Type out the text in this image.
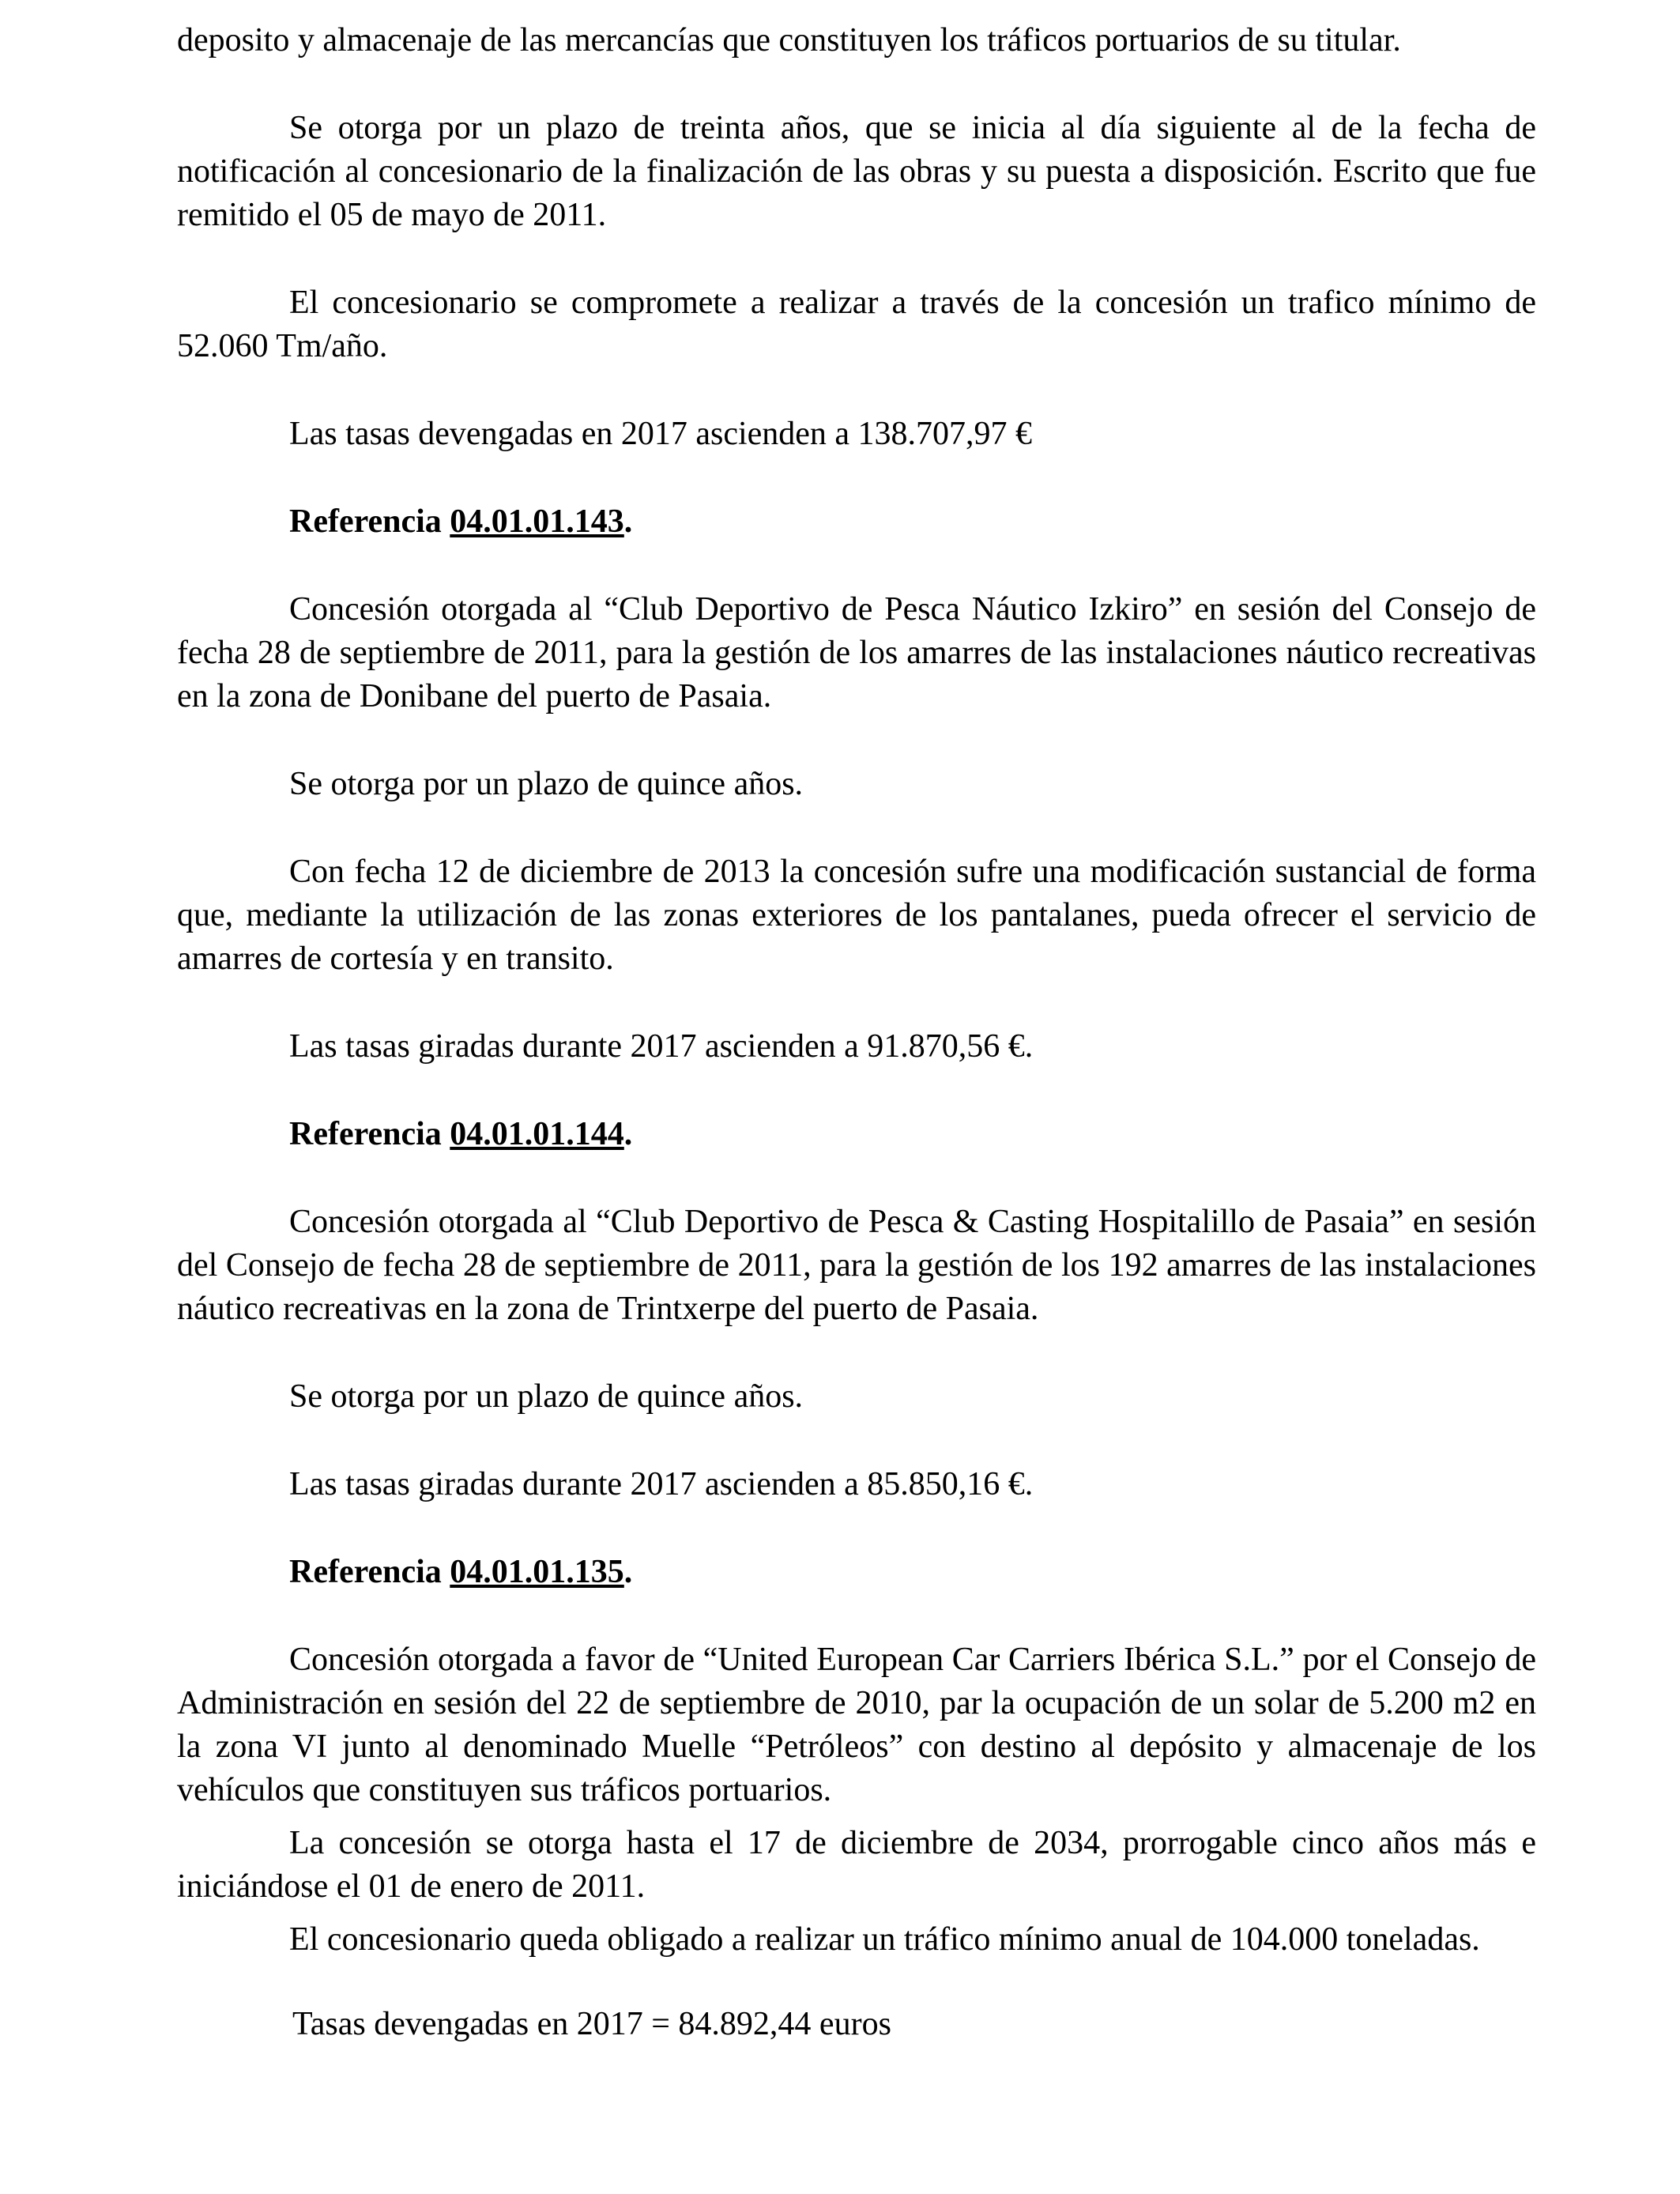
deposito y almacenaje de las mercancías que constituyen los tráficos portuarios de su titular.

Se otorga por un plazo de treinta años, que se inicia al día siguiente al de la fecha de notificación al concesionario de la finalización de las obras y su puesta a disposición. Escrito que fue remitido el 05 de mayo de 2011.

El concesionario se compromete a realizar a través de la concesión un trafico mínimo de 52.060 Tm/año.

Las tasas devengadas en 2017 ascienden a 138.707,97 €

Referencia 04.01.01.143.

Concesión otorgada al “Club Deportivo de Pesca Náutico Izkiro” en sesión del Consejo de fecha 28 de septiembre de 2011, para la gestión de los amarres de las instalaciones náutico recreativas en la zona de Donibane del puerto de Pasaia.

Se otorga por un plazo de quince años.

Con fecha 12 de diciembre de 2013 la concesión sufre una modificación sustancial de forma que, mediante la utilización de las zonas exteriores de los pantalanes, pueda ofrecer el servicio de amarres de cortesía y en transito.

Las tasas giradas durante 2017 ascienden a 91.870,56 €.

Referencia 04.01.01.144.

Concesión otorgada al “Club Deportivo de Pesca & Casting Hospitalillo de Pasaia” en sesión del Consejo de fecha 28 de septiembre de 2011, para la gestión de los 192 amarres de las instalaciones náutico recreativas en la zona de Trintxerpe del puerto de Pasaia.

Se otorga por un plazo de quince años.

Las tasas giradas durante 2017 ascienden a 85.850,16 €.

Referencia 04.01.01.135.

Concesión otorgada a favor de “United European Car Carriers Ibérica S.L.” por el Consejo de Administración en sesión del 22 de septiembre de 2010, par la ocupación de un solar de 5.200 m2 en la zona VI junto al denominado Muelle “Petróleos” con destino al depósito y almacenaje de los vehículos que constituyen sus tráficos portuarios.

La concesión se otorga hasta el 17 de diciembre de 2034, prorrogable cinco años más e iniciándose el 01 de enero de 2011.

El concesionario queda obligado a realizar un tráfico mínimo anual de 104.000 toneladas.

Tasas devengadas en 2017 = 84.892,44 euros
